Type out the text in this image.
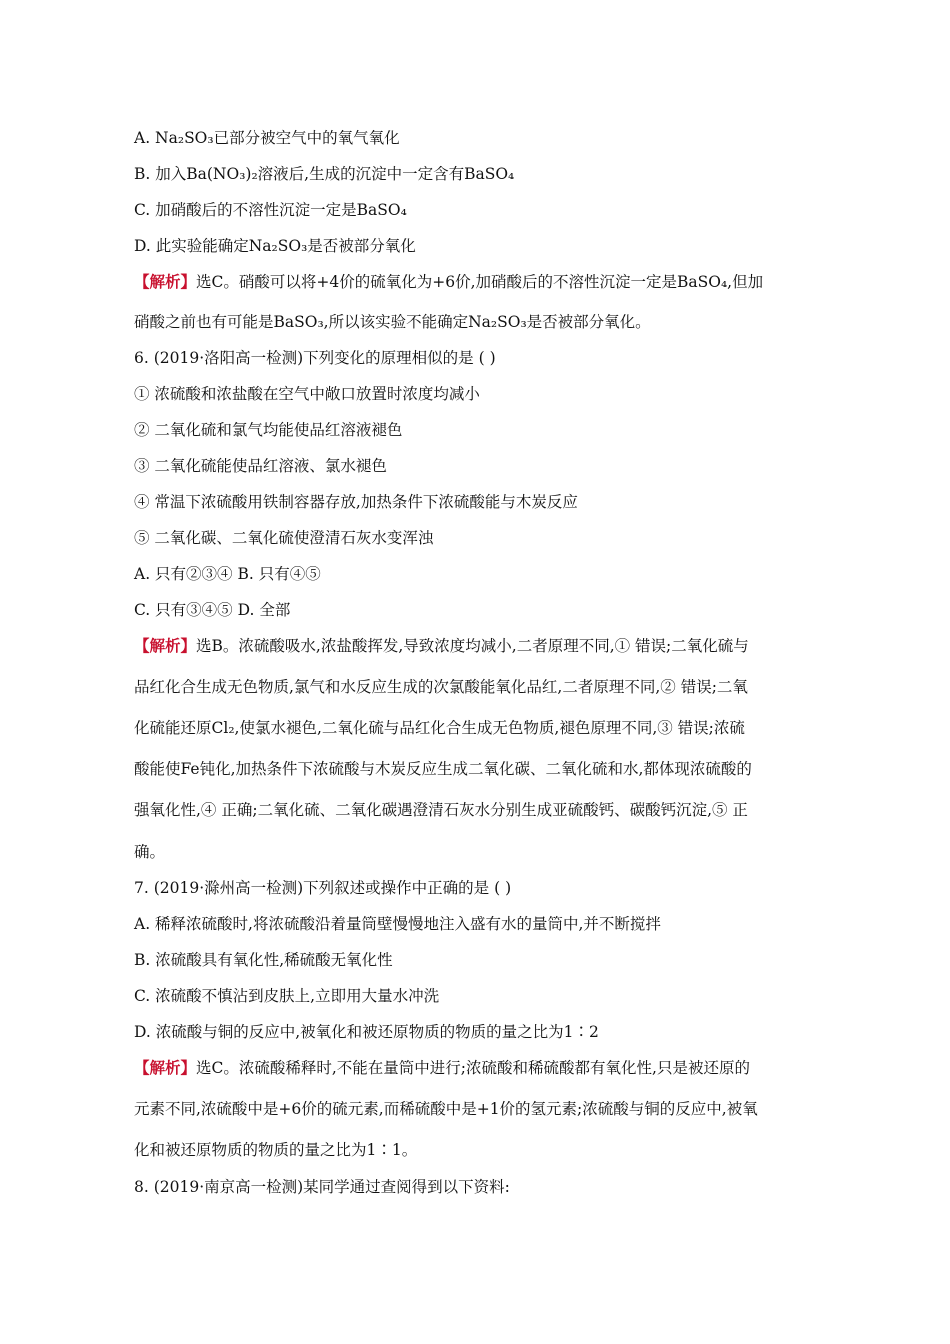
A. Na₂SO₃已部分被空气中的氧气氧化
B. 加入Ba(NO₃)₂溶液后,生成的沉淀中一定含有BaSO₄
C. 加硝酸后的不溶性沉淀一定是BaSO₄
D. 此实验能确定Na₂SO₃是否被部分氧化
【解析】选C。硝酸可以将+4价的硫氧化为+6价,加硝酸后的不溶性沉淀一定是BaSO₄,但加
硝酸之前也有可能是BaSO₃,所以该实验不能确定Na₂SO₃是否被部分氧化。
6. (2019·洛阳高一检测)下列变化的原理相似的是 ( )
① 浓硫酸和浓盐酸在空气中敞口放置时浓度均减小
② 二氧化硫和氯气均能使品红溶液褪色
③ 二氧化硫能使品红溶液、氯水褪色
④ 常温下浓硫酸用铁制容器存放,加热条件下浓硫酸能与木炭反应
⑤ 二氧化碳、二氧化硫使澄清石灰水变浑浊
A. 只有②③④ B. 只有④⑤
C. 只有③④⑤ D. 全部
【解析】选B。浓硫酸吸水,浓盐酸挥发,导致浓度均减小,二者原理不同,① 错误;二氧化硫与
品红化合生成无色物质,氯气和水反应生成的次氯酸能氧化品红,二者原理不同,② 错误;二氧
化硫能还原Cl₂,使氯水褪色,二氧化硫与品红化合生成无色物质,褪色原理不同,③ 错误;浓硫
酸能使Fe钝化,加热条件下浓硫酸与木炭反应生成二氧化碳、二氧化硫和水,都体现浓硫酸的
强氧化性,④ 正确;二氧化硫、二氧化碳遇澄清石灰水分别生成亚硫酸钙、碳酸钙沉淀,⑤ 正
确。
7. (2019·滁州高一检测)下列叙述或操作中正确的是 ( )
A. 稀释浓硫酸时,将浓硫酸沿着量筒壁慢慢地注入盛有水的量筒中,并不断搅拌
B. 浓硫酸具有氧化性,稀硫酸无氧化性
C. 浓硫酸不慎沾到皮肤上,立即用大量水冲洗
D. 浓硫酸与铜的反应中,被氧化和被还原物质的物质的量之比为1∶2
【解析】选C。浓硫酸稀释时,不能在量筒中进行;浓硫酸和稀硫酸都有氧化性,只是被还原的
元素不同,浓硫酸中是+6价的硫元素,而稀硫酸中是+1价的氢元素;浓硫酸与铜的反应中,被氧
化和被还原物质的物质的量之比为1∶1。
8. (2019·南京高一检测)某同学通过查阅得到以下资料:
